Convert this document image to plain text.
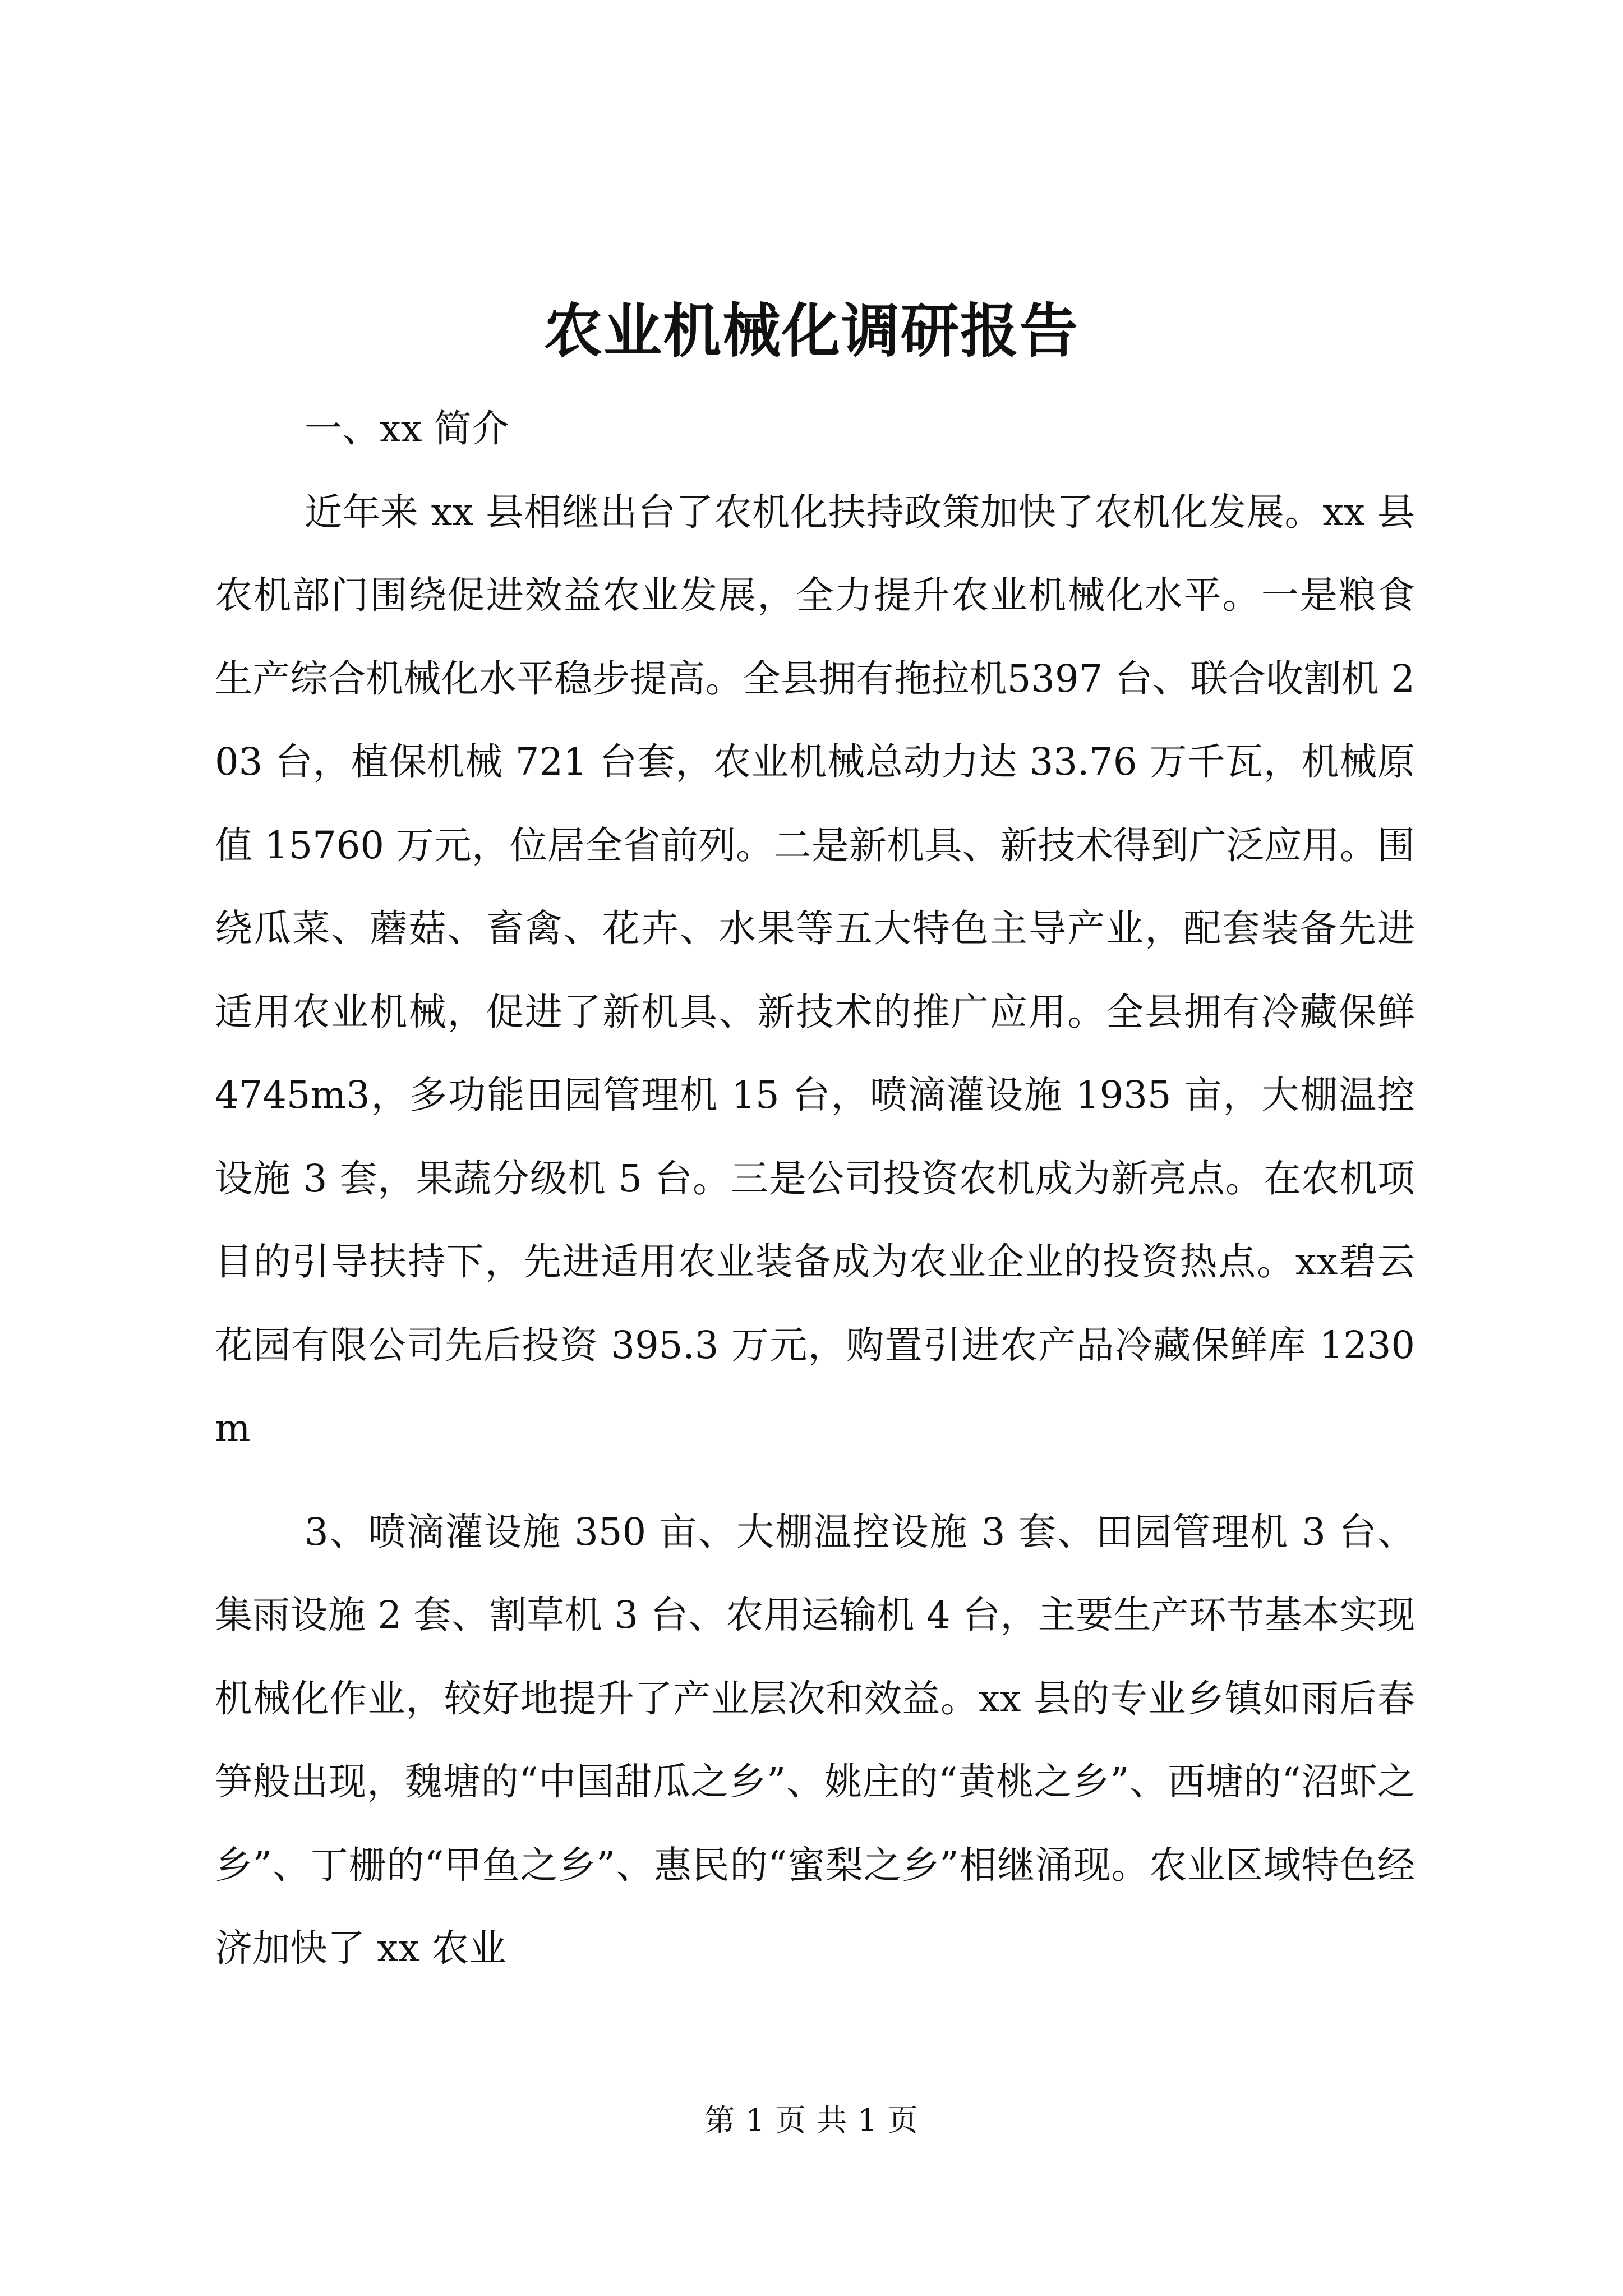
农业机械化调研报告

一、xx 简介

近年来 xx 县相继出台了农机化扶持政策加快了农机化发展。xx 县农机部门围绕促进效益农业发展，全力提升农业机械化水平。一是粮食生产综合机械化水平稳步提高。全县拥有拖拉机5397 台、联合收割机 203 台，植保机械 721 台套，农业机械总动力达 33.76 万千瓦，机械原值 15760 万元，位居全省前列。二是新机具、新技术得到广泛应用。围绕瓜菜、蘑菇、畜禽、花卉、水果等五大特色主导产业，配套装备先进适用农业机械，促进了新机具、新技术的推广应用。全县拥有冷藏保鲜 4745m3，多功能田园管理机 15 台，喷滴灌设施 1935 亩，大棚温控设施 3 套，果蔬分级机 5 台。三是公司投资农机成为新亮点。在农机项目的引导扶持下，先进适用农业装备成为农业企业的投资热点。xx碧云花园有限公司先后投资 395.3 万元，购置引进农产品冷藏保鲜库 1230m

3、喷滴灌设施 350 亩、大棚温控设施 3 套、田园管理机 3 台、集雨设施 2 套、割草机 3 台、农用运输机 4 台，主要生产环节基本实现机械化作业，较好地提升了产业层次和效益。xx 县的专业乡镇如雨后春笋般出现，魏塘的“中国甜瓜之乡”、姚庄的“黄桃之乡”、西塘的“沼虾之乡”、丁栅的“甲鱼之乡”、惠民的“蜜梨之乡”相继涌现。农业区域特色经济加快了 xx 农业

第 1 页 共 1 页
